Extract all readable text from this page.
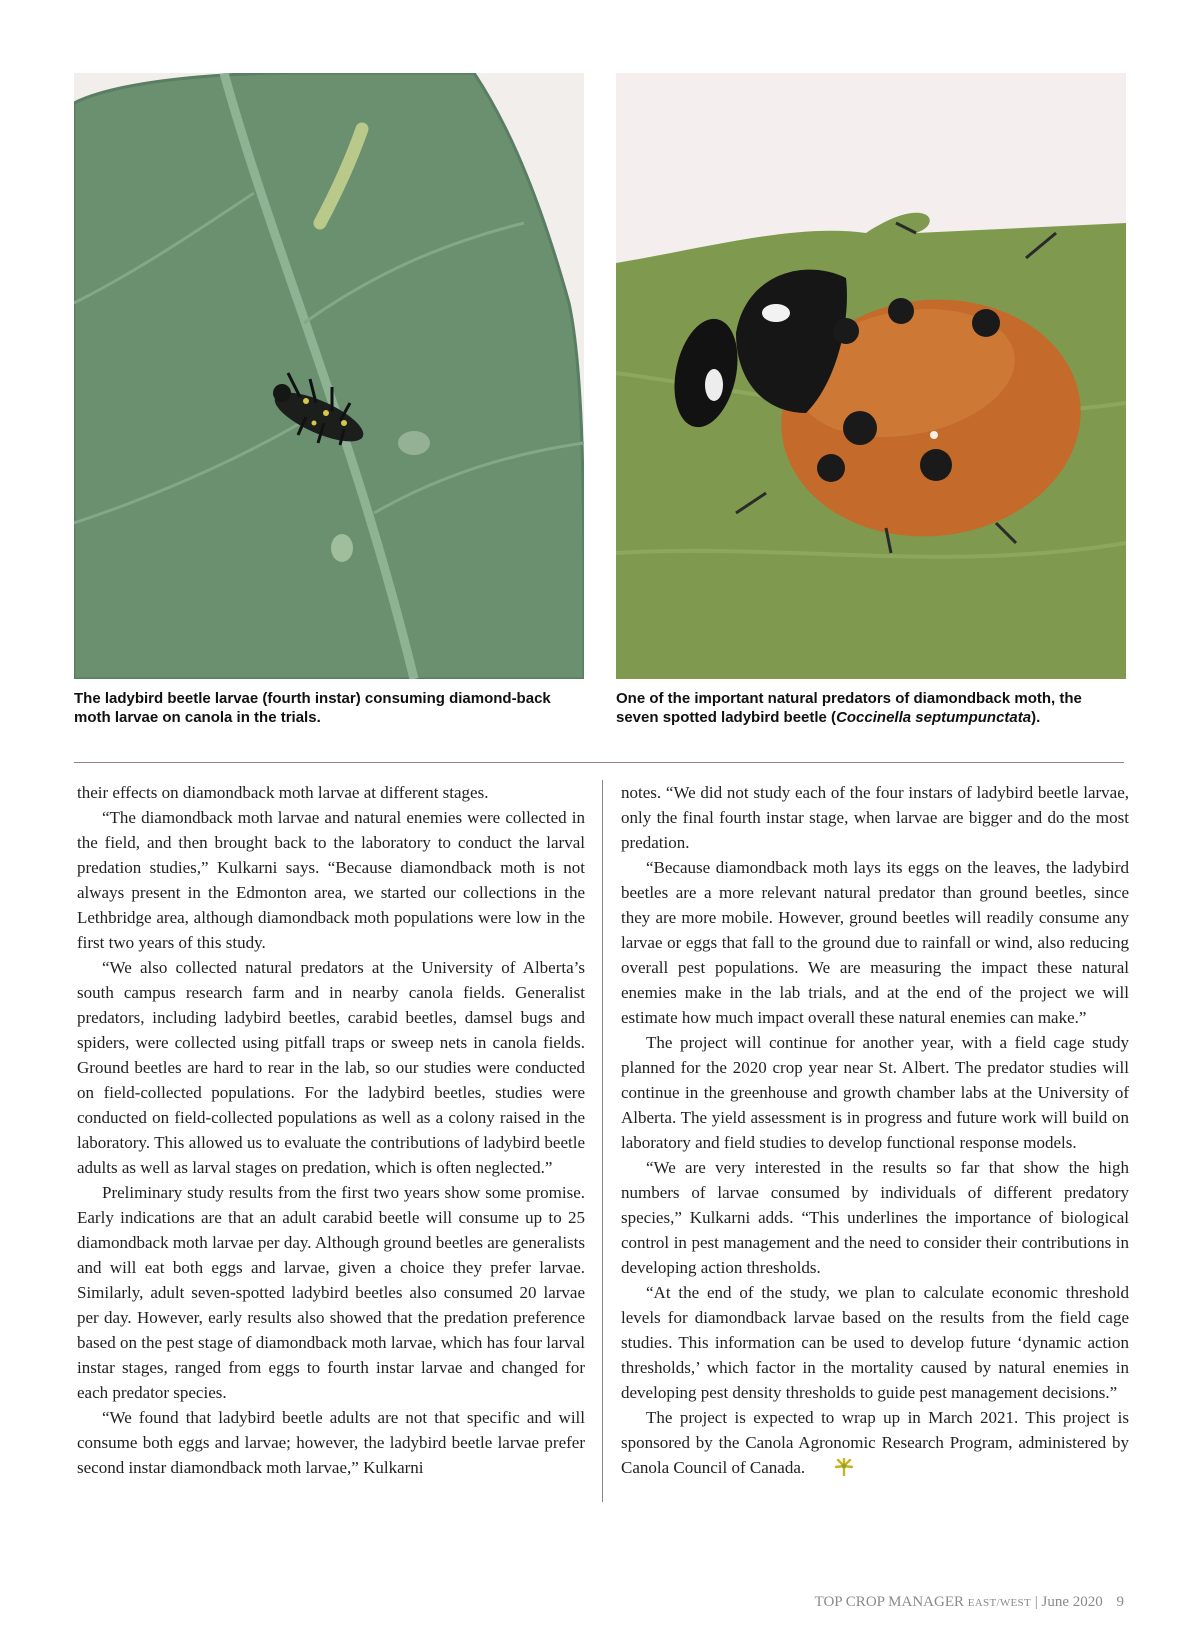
The ladybird beetle larvae (fourth instar) consuming diamond-back moth larvae on canola in the trials.

One of the important natural predators of diamondback moth, the seven spotted ladybird beetle (Coccinella septumpunctata).

their effects on diamondback moth larvae at different stages.

“The diamondback moth larvae and natural enemies were collected in the field, and then brought back to the laboratory to conduct the larval predation studies,” Kulkarni says. “Because diamondback moth is not always present in the Edmonton area, we started our collections in the Lethbridge area, although diamondback moth populations were low in the first two years of this study.

“We also collected natural predators at the University of Alberta’s south campus research farm and in nearby canola fields. Generalist predators, including ladybird beetles, carabid beetles, damsel bugs and spiders, were collected using pitfall traps or sweep nets in canola fields. Ground beetles are hard to rear in the lab, so our studies were conducted on field-collected populations. For the ladybird beetles, studies were conducted on field-collected populations as well as a colony raised in the laboratory. This allowed us to evaluate the contributions of ladybird beetle adults as well as larval stages on predation, which is often neglected.”

Preliminary study results from the first two years show some promise. Early indications are that an adult carabid beetle will consume up to 25 diamondback moth larvae per day. Although ground beetles are generalists and will eat both eggs and larvae, given a choice they prefer larvae. Similarly, adult seven-spotted ladybird beetles also consumed 20 larvae per day. However, early results also showed that the predation preference based on the pest stage of diamondback moth larvae, which has four larval instar stages, ranged from eggs to fourth instar larvae and changed for each predator species.

“We found that ladybird beetle adults are not that specific and will consume both eggs and larvae; however, the ladybird beetle larvae prefer second instar diamondback moth larvae,” Kulkarni

notes. “We did not study each of the four instars of ladybird beetle larvae, only the final fourth instar stage, when larvae are bigger and do the most predation.

“Because diamondback moth lays its eggs on the leaves, the ladybird beetles are a more relevant natural predator than ground beetles, since they are more mobile. However, ground beetles will readily consume any larvae or eggs that fall to the ground due to rainfall or wind, also reducing overall pest populations. We are measuring the impact these natural enemies make in the lab trials, and at the end of the project we will estimate how much impact overall these natural enemies can make.”

The project will continue for another year, with a field cage study planned for the 2020 crop year near St. Albert. The predator studies will continue in the greenhouse and growth chamber labs at the University of Alberta. The yield assessment is in progress and future work will build on laboratory and field studies to develop functional response models.

“We are very interested in the results so far that show the high numbers of larvae consumed by individuals of different predatory species,” Kulkarni adds. “This underlines the importance of biological control in pest management and the need to consider their contributions in developing action thresholds.

“At the end of the study, we plan to calculate economic threshold levels for diamondback larvae based on the results from the field cage studies. This information can be used to develop future ‘dynamic action thresholds,’ which factor in the mortality caused by natural enemies in developing pest density thresholds to guide pest management decisions.”

The project is expected to wrap up in March 2021. This project is sponsored by the Canola Agronomic Research Program, administered by Canola Council of Canada.

TOP CROP MANAGER EAST/WEST | June 2020 9
